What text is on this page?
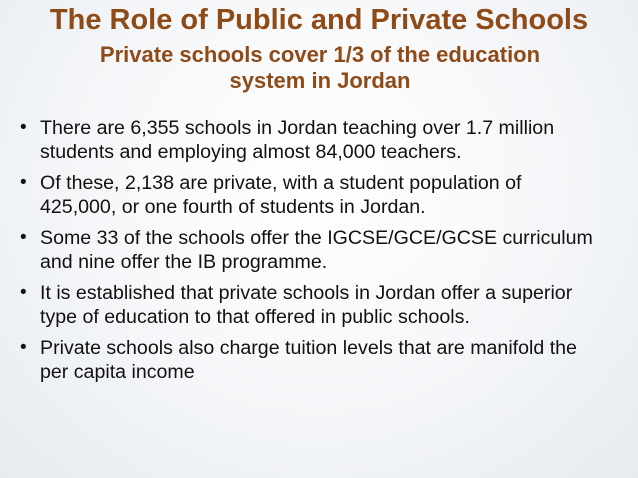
The Role of Public and Private Schools
Private schools cover 1/3 of the education system in Jordan
• There are 6,355 schools in Jordan teaching over 1.7 million students and employing almost 84,000 teachers.
• Of these, 2,138 are private, with a student population of 425,000, or one fourth of students in Jordan.
• Some 33 of the schools offer the IGCSE/GCE/GCSE curriculum and nine offer the IB programme.
• It is established that private schools in Jordan offer a superior type of education to that offered in public schools.
• Private schools also charge tuition levels that are manifold the per capita income
